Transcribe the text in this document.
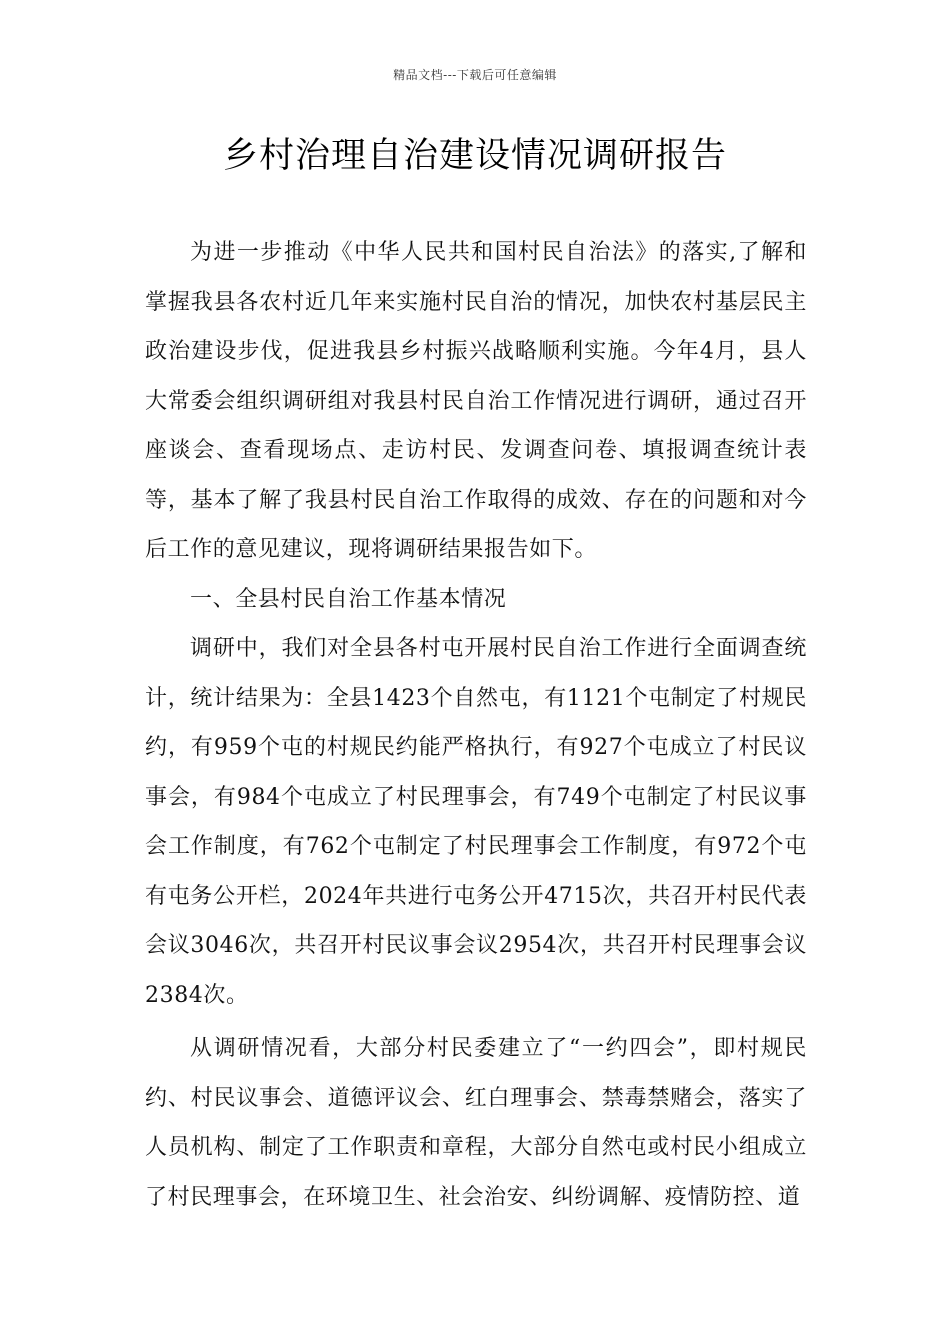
精品文档---下载后可任意编辑
乡村治理自治建设情况调研报告

为进一步推动《中华人民共和国村民自治法》的落实,了解和掌握我县各农村近几年来实施村民自治的情况，加快农村基层民主政治建设步伐，促进我县乡村振兴战略顺利实施。今年4月，县人大常委会组织调研组对我县村民自治工作情况进行调研，通过召开座谈会、查看现场点、走访村民、发调查问卷、填报调查统计表等，基本了解了我县村民自治工作取得的成效、存在的问题和对今后工作的意见建议，现将调研结果报告如下。

一、全县村民自治工作基本情况

调研中，我们对全县各村屯开展村民自治工作进行全面调查统计，统计结果为：全县1423个自然屯，有1121个屯制定了村规民约，有959个屯的村规民约能严格执行，有927个屯成立了村民议事会，有984个屯成立了村民理事会，有749个屯制定了村民议事会工作制度，有762个屯制定了村民理事会工作制度，有972个屯有屯务公开栏，2024年共进行屯务公开4715次，共召开村民代表会议3046次，共召开村民议事会议2954次，共召开村民理事会议2384次。

从调研情况看，大部分村民委建立了“一约四会”，即村规民约、村民议事会、道德评议会、红白理事会、禁毒禁赌会，落实了人员机构、制定了工作职责和章程，大部分自然屯或村民小组成立了村民理事会，在环境卫生、社会治安、纠纷调解、疫情防控、道
